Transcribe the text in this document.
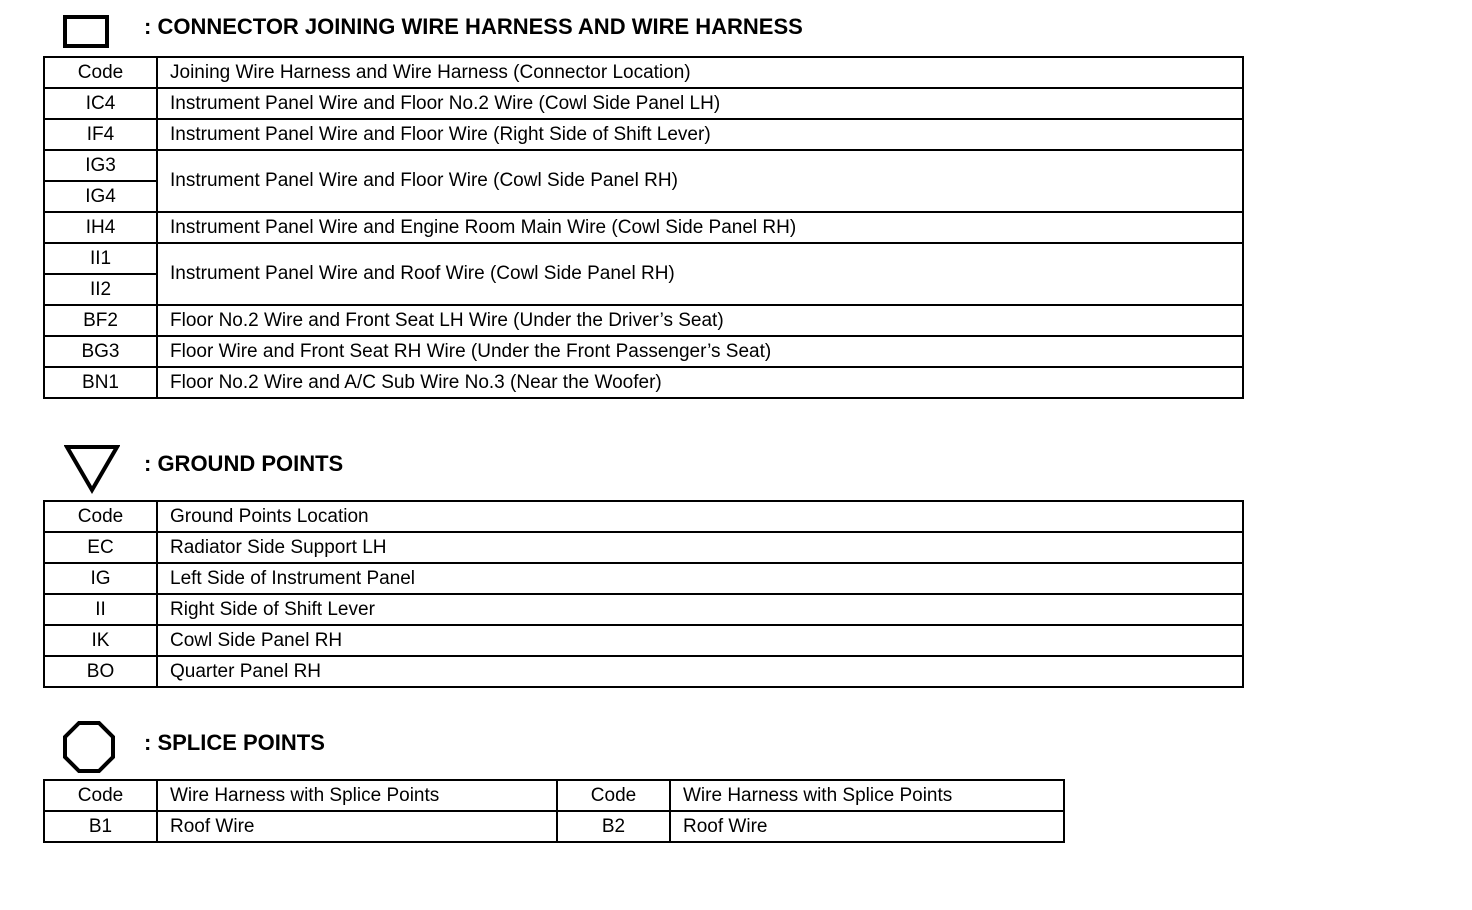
: CONNECTOR JOINING WIRE HARNESS AND WIRE HARNESS
Code	Joining Wire Harness and Wire Harness (Connector Location)
IC4	Instrument Panel Wire and Floor No.2 Wire (Cowl Side Panel LH)
IF4	Instrument Panel Wire and Floor Wire (Right Side of Shift Lever)
IG3	Instrument Panel Wire and Floor Wire (Cowl Side Panel RH)
IG4	
IH4	Instrument Panel Wire and Engine Room Main Wire (Cowl Side Panel RH)
II1	Instrument Panel Wire and Roof Wire (Cowl Side Panel RH)
II2	
BF2	Floor No.2 Wire and Front Seat LH Wire (Under the Driver’s Seat)
BG3	Floor Wire and Front Seat RH Wire (Under the Front Passenger’s Seat)
BN1	Floor No.2 Wire and A/C Sub Wire No.3 (Near the Woofer)
: GROUND POINTS
Code	Ground Points Location
EC	Radiator Side Support LH
IG	Left Side of Instrument Panel
II	Right Side of Shift Lever
IK	Cowl Side Panel RH
BO	Quarter Panel RH
: SPLICE POINTS
Code	Wire Harness with Splice Points	Code	Wire Harness with Splice Points
B1	Roof Wire	B2	Roof Wire
